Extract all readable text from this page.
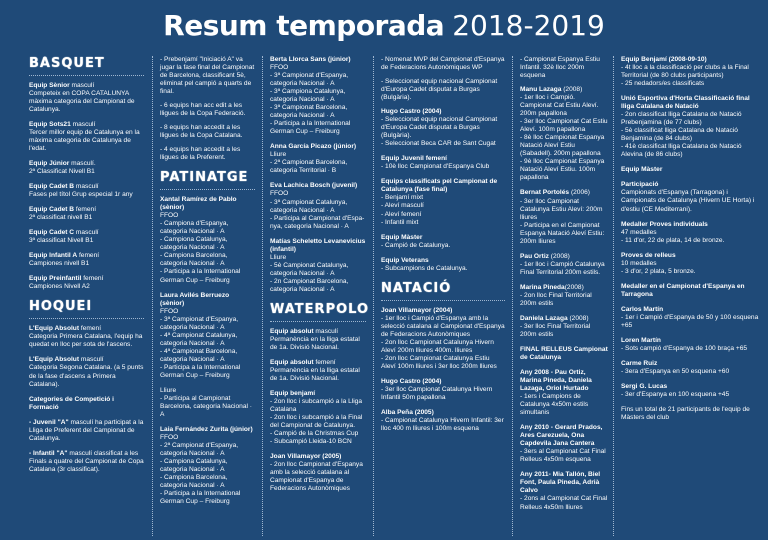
Resum temporada 2018-2019
BÀSQUET

Equip Sènior masculí

Competeix en COPA CATALUNYA màxima categoria del Campionat de Catalunya.

Equip Sots21 masculí

Tercer millor equip de Catalunya en la màxima categoria de Catalunya de l'edat.

Equip Júnior masculí.

2ª Classificat Nivell B1

Equip Cadet B masculí

Fases pel títol Grup especial 1r any

Equip Cadet B femení

2ª classificat nivell B1

Equip Cadet C masculí

3ª classificat Nivell B1

Equip Infantil A femení

Campiones nivell B1

Equip Preinfantil femení

Campiones Nivell A2

HOQUEI

L'Equip Absolut femení

Categoria Primera Catalana, l'equip ha quedat en lloc per sota de l'ascens.

L'Equip Absolut masculí

Categoria Segona Catalana. (a 5 punts de la fase d'ascens a Primera Catalana).

Categories de Competició i Formació

- Juvenil "A" masculí ha participat a la Lliga de Preferent del Campionat de Catalunya.

- Infantil "A" masculí classificat a les Finals a quatre del Campionat de Copa Catalana (3r classificat).

- Prebenjamí "Iniciació A" va jugar la fase final del Campionat de Barcelona, classificant 5è, eliminat pel campió a quarts de final.

- 6 equips han acc edit a les lligues de la Copa Federació.

- 8 equips han accedit a les lligues de la Copa Catalana.

- 4 equips han accedit a les lligues de la Preferent.

PATINATGE

Xantal Ramírez de Pablo (sènior)

FFOO

- Campiona d'Espanya, categoria Nacional · A

- Campiona Catalunya, categoria Nacional · A

- Campiona Barcelona, categoria Nacional · A

- Participa a la International German Cup – Freiburg

Laura Avilés Berruezo (sènior)

FFOO

- 3ª Campionat d'Espanya, categoria Nacional · A

- 4ª Campionat Catalunya, categoria Nacional · A

- 4ª Campionat Barcelona, categoria Nacional · A

- Participa a la International German Cup – Freiburg

Lliure

- Participa al Campionat Barcelona, categoria Nacional · A

Laia Fernández Zurita (júnior)

FFOO

- 2ª Campionat d'Espanya, categoria Nacional · A

- Campiona Catalunya, categoria Nacional · A

- Campiona Barcelona, categoria Nacional · A

- Participa a la International German Cup – Freiburg

Berta Llorca Sans (júnior)

FFOO

- 3ª Campionat d'Espanya, categoria Nacional · A

- 3ª Campiona Catalunya, categoria Nacional · A

- 3ª Campionat Barcelona, categoria Nacional · A

- Participa a la International German Cup – Freiburg

Anna García Picazo (júnior)

Lliure

- 2ª Campionat Barcelona, categoria Territorial · B

Eva Lachica Bosch (juvenil)

FFOO

- 3ª Campionat Catalunya, categoria Nacional · A

- Participa al Campionat d'Espa-nya, categoria Nacional · A

Matías Scheletto Levanevicius (infantil)

Lliure

- 5è Campionat Catalunya, categoria Nacional · A

- 2n Campionat Barcelona, categoria Nacional · A

WATERPOLO

Equip absolut masculí

Permanència en la lliga estatal de 1a. Divisió Nacional.

Equip absolut femení

Permanència en la lliga estatal de 1a. Divisió Nacional.

Equip benjamí

- 2on lloc i subcampió a la Lliga Catalana
- 2on lloc i subcampió a la Final del Campionat de Catalunya.
- Campió de la Christmas Cup
- Subcampió Lleida-10 BCN

Joan Villamayor (2005)

- 2on lloc Campionat d'Espanya amb la selecció catalana al Campionat d'Espanya de Federacions Autonòmiques

- Nomenat MVP del Campionat d'Espanya de Federacions Autonòmiques WP

- Seleccionat equip nacional Campionat d'Europa Cadet disputat a Burgas (Bulgària).

Hugo Castro (2004)

- Seleccionat equip nacional Campionat d'Europa Cadet disputat a Burgas (Bulgària).
- Seleccionat Beca CAR de Sant Cugat

Equip Juvenil femení

- 10è lloc Campionat d'Espanya Club

Equips classificats pel Campionat de Catalunya (fase final)

- Benjamí mixt
- Aleví masculí
- Aleví femení
- Infantil mixt

Equip Màster

- Campió de Catalunya.

Equip Veterans

- Subcampions de Catalunya.

NATACIÓ

Joan Villamayor (2004)

- 1er lloc i Campió d'Espanya amb la selecció catalana al Campionat d'Espanya de Federacions Autonòmiques
- 2on lloc Campionat Catalunya Hivern Aleví 200m lliures 400m. lliures
- 2on lloc Campionat Catalunya Estiu Aleví 100m lliures i 3er lloc 200m lliures

Hugo Castro (2004)

- 3er lloc Campionat Catalunya Hivern Infantil 50m papallona

Alba Peña (2005)

- Campionat Catalunya Hivern Infantil: 3er lloc 400 m lliures i 100m esquena

- Campionat Espanya Estiu Infantil. 32è lloc 200m esquena

Manu Lazaga (2008)

- 1er lloc i Campió. Campionat Cat Estiu Aleví. 200m papallona
- 3er lloc Campionat Cat Estiu Aleví. 100m papallona
- 8è lloc Campionat Espanya Natació Aleví Estiu (Sabadell). 200m papallona
- 9è lloc Campionat Espanya Natació Aleví Estiu. 100m papallona

Bernat Portolés (2006)

- 3er lloc Campionat Catalunya Estiu Aleví: 200m lliures
- Participa en el Campionat Espanya Natació Aleví Estiu: 200m lliures

Pau Ortiz (2008)

- 1er lloc i Campió Catalunya Final Territorial 200m estils.

Marina Pineda(2008)

- 2on lloc Final Territorial 200m estils

Daniela Lazaga (2008)

- 3er lloc Final Territorial 200m estils

FINAL RELLEUS Campionat de Catalunya

Any 2008 - Pau Ortiz, Marina Pineda, Daniela Lazaga, Oriol Hurtado

- 1ers i Campions de Catalunya 4x50m estils simultanis

Any 2010 - Gerard Prados, Ares Carezuela, Ona Capdevila Jana Cantera

- 3ers al Campionat Cat Final Relleus 4x50m esquena

Any 2011- Mia Tallón, Biel Font, Paula Pineda, Adrià Calvo

- 2ons al Campionat Cat Final Relleus 4x50m lliures

Equip Benjamí (2008-09-10)

- 4t lloc a la classificació per clubs a la Final Territorial (de 80 clubs participants)
- 25 nedadors/es classificats

Unió Esportiva d'Horta Classificació final lliga Catalana de Natació

- 2on classificat lliga Catalana de Natació Prebenjamina (de 77 clubs)
- 5è classificat lliga Catalana de Natació Benjamina (de 84 clubs)
- 41è classificat lliga Catalana de Natació Alevina (de 86 clubs)

Equip Màster

Participació

Campionats d'Espanya (Tarragona) i Campionats de Catalunya (Hivern UE Horta) i d'estiu (CE Mediterrani).

Medaller Proves individuals

47 medalles
- 11 d'or, 22 de plata, 14 de bronze.

Proves de relleus

10 medalles
- 3 d'or, 2 plata, 5 bronze.

Medaller en el Campionat d'Espanya en Tarragona

Carlos Martín

- 1er i Campió d'Espanya de 50 y 100 esquena +65

Loren Martín

- Sots campió d'Espanya de 100 braça +65

Carme Ruiz

- 3era d'Espanya en 50 esquena +60

Sergi G. Lucas

- 3er d'Espanya en 100 esquena +45

Fins un total de 21 participants de l'equip de Màsters del club
